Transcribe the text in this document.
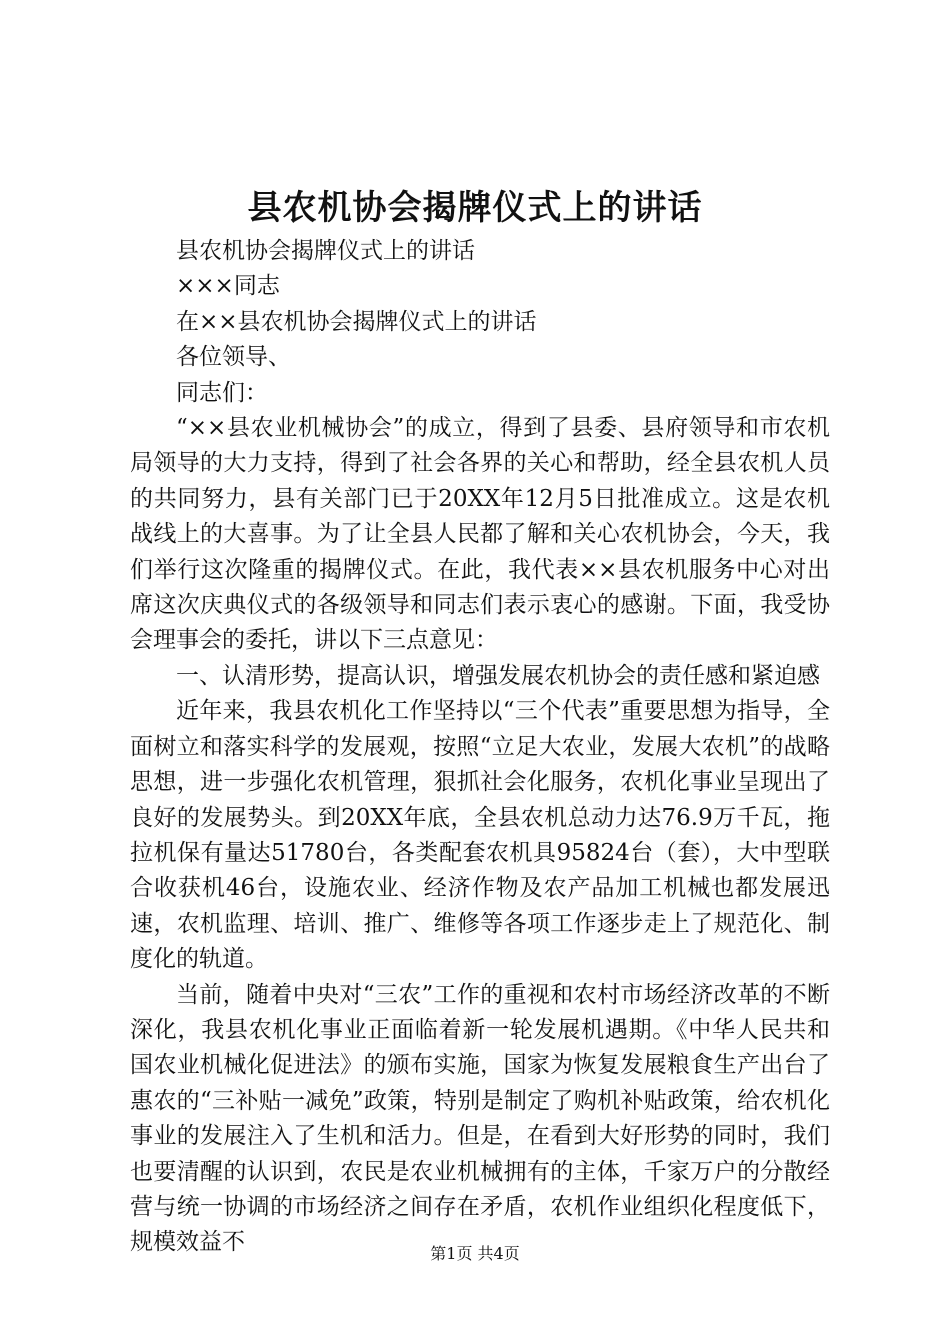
县农机协会揭牌仪式上的讲话

县农机协会揭牌仪式上的讲话

×××同志

在××县农机协会揭牌仪式上的讲话

各位领导、

同志们：

“××县农业机械协会”的成立，得到了县委、县府领导和市农机局领导的大力支持，得到了社会各界的关心和帮助，经全县农机人员的共同努力，县有关部门已于20XX年12月5日批准成立。这是农机战线上的大喜事。为了让全县人民都了解和关心农机协会，今天，我们举行这次隆重的揭牌仪式。在此，我代表××县农机服务中心对出席这次庆典仪式的各级领导和同志们表示衷心的感谢。下面，我受协会理事会的委托，讲以下三点意见：

一、认清形势，提高认识，增强发展农机协会的责任感和紧迫感

近年来，我县农机化工作坚持以“三个代表”重要思想为指导，全面树立和落实科学的发展观，按照“立足大农业，发展大农机”的战略思想，进一步强化农机管理，狠抓社会化服务，农机化事业呈现出了良好的发展势头。到20XX年底，全县农机总动力达76.9万千瓦，拖拉机保有量达51780台，各类配套农机具95824台（套），大中型联合收获机46台，设施农业、经济作物及农产品加工机械也都发展迅速，农机监理、培训、推广、维修等各项工作逐步走上了规范化、制度化的轨道。

当前，随着中央对“三农”工作的重视和农村市场经济改革的不断深化，我县农机化事业正面临着新一轮发展机遇期。《中华人民共和国农业机械化促进法》的颁布实施，国家为恢复发展粮食生产出台了惠农的“三补贴一减免”政策，特别是制定了购机补贴政策，给农机化事业的发展注入了生机和活力。但是，在看到大好形势的同时，我们也要清醒的认识到，农民是农业机械拥有的主体，千家万户的分散经营与统一协调的市场经济之间存在矛盾，农机作业组织化程度低下，规模效益不	第1页 共4页
